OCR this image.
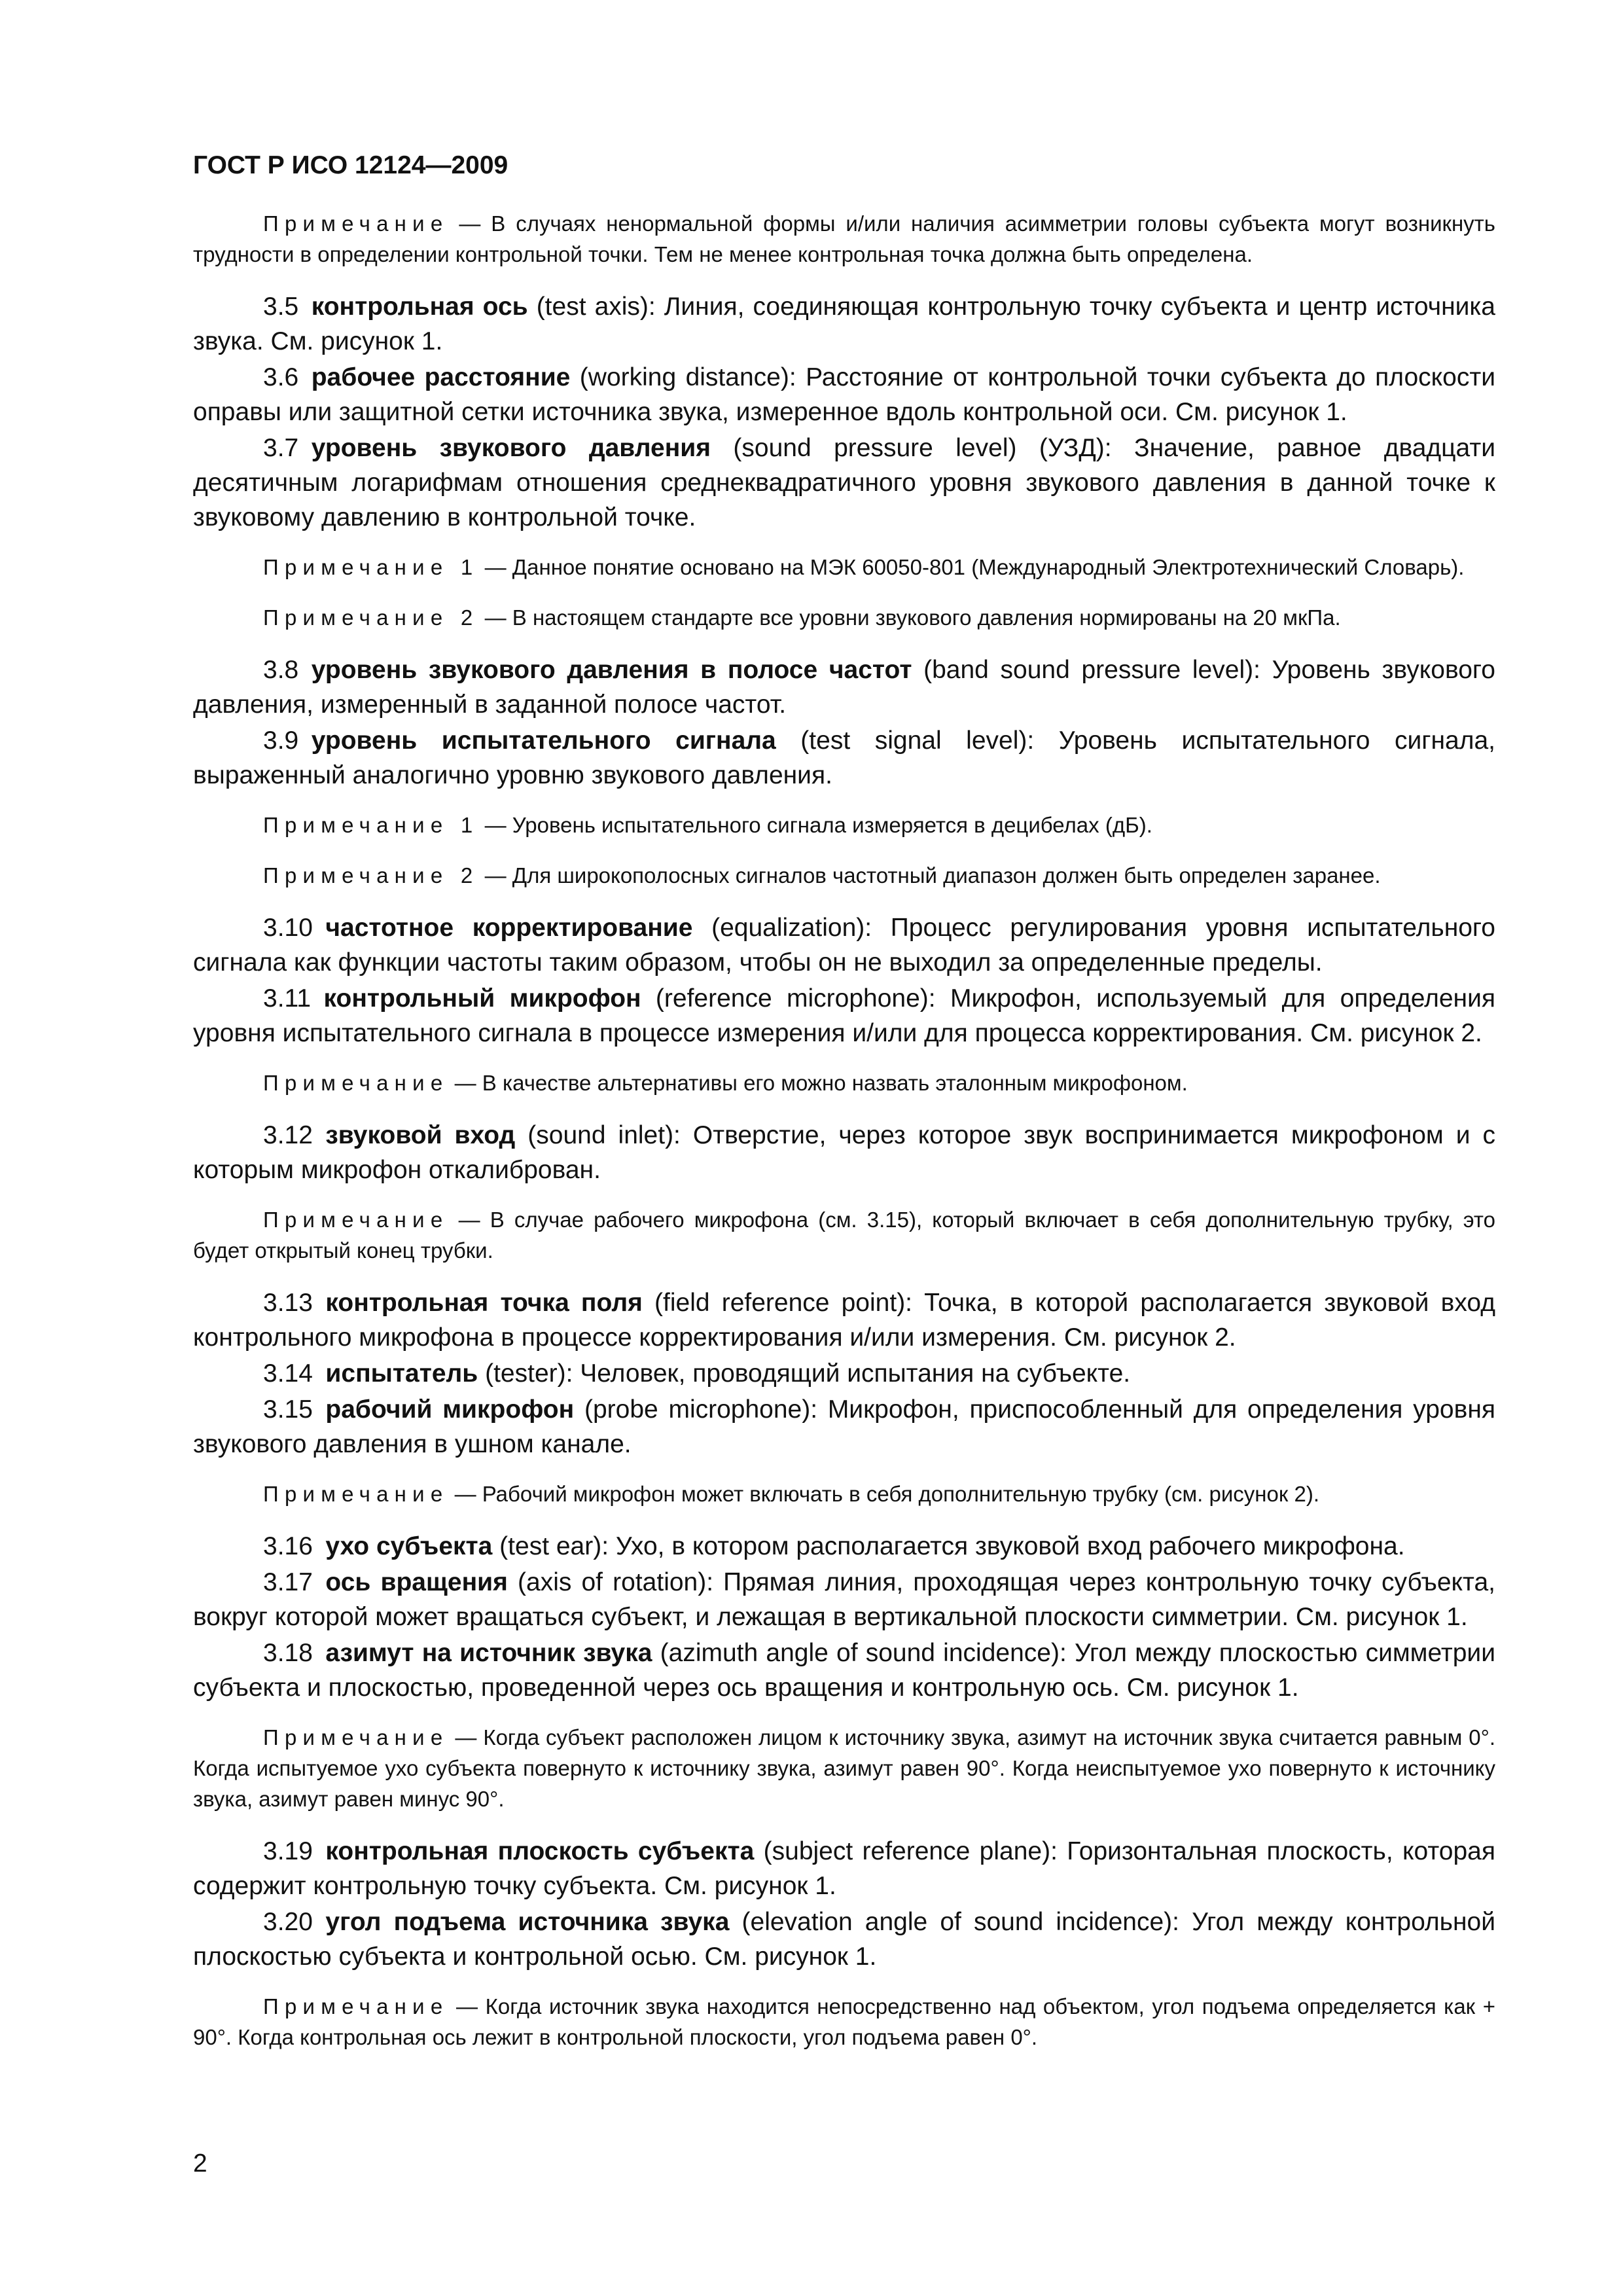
ГОСТ Р ИСО 12124—2009

Примечание — В случаях ненормальной формы и/или наличия асимметрии головы субъекта могут возникнуть трудности в определении контрольной точки. Тем не менее контрольная точка должна быть определена.

3.5  контрольная ось (test axis): Линия, соединяющая контрольную точку субъекта и центр источника звука. См. рисунок 1.

3.6  рабочее расстояние (working distance): Расстояние от контрольной точки субъекта до плоскости оправы или защитной сетки источника звука, измеренное вдоль контрольной оси. См. рисунок 1.

3.7  уровень звукового давления (sound pressure level) (УЗД): Значение, равное двадцати десятичным логарифмам отношения среднеквадратичного уровня звукового давления в данной точке к звуковому давлению в контрольной точке.

Примечание 1 — Данное понятие основано на МЭК 60050-801 (Международный Электротехнический Словарь).

Примечание 2 — В настоящем стандарте все уровни звукового давления нормированы на 20 мкПа.

3.8  уровень звукового давления в полосе частот (band sound pressure level): Уровень звукового давления, измеренный в заданной полосе частот.

3.9  уровень испытательного сигнала (test signal level): Уровень испытательного сигнала, выраженный аналогично уровню звукового давления.

Примечание 1 — Уровень испытательного сигнала измеряется в децибелах (дБ).

Примечание 2 — Для широкополосных сигналов частотный диапазон должен быть определен заранее.

3.10  частотное корректирование (equalization): Процесс регулирования уровня испытательного сигнала как функции частоты таким образом, чтобы он не выходил за определенные пределы.

3.11  контрольный микрофон (reference microphone): Микрофон, используемый для определения уровня испытательного сигнала в процессе измерения и/или для процесса корректирования. См. рисунок 2.

Примечание — В качестве альтернативы его можно назвать эталонным микрофоном.

3.12  звуковой вход (sound inlet): Отверстие, через которое звук воспринимается микрофоном и с которым микрофон откалиброван.

Примечание — В случае рабочего микрофона (см. 3.15), который включает в себя дополнительную трубку, это будет открытый конец трубки.

3.13  контрольная точка поля (field reference point): Точка, в которой располагается звуковой вход контрольного микрофона в процессе корректирования и/или измерения. См. рисунок 2.

3.14  испытатель (tester): Человек, проводящий испытания на субъекте.

3.15  рабочий микрофон (probe microphone): Микрофон, приспособленный для определения уровня звукового давления в ушном канале.

Примечание — Рабочий микрофон может включать в себя дополнительную трубку (см. рисунок 2).

3.16  ухо субъекта (test ear): Ухо, в котором располагается звуковой вход рабочего микрофона.

3.17  ось вращения (axis of rotation): Прямая линия, проходящая через контрольную точку субъекта, вокруг которой может вращаться субъект, и лежащая в вертикальной плоскости симметрии. См. рисунок 1.

3.18  азимут на источник звука (azimuth angle of sound incidence): Угол между плоскостью симметрии субъекта и плоскостью, проведенной через ось вращения и контрольную ось. См. рисунок 1.

Примечание — Когда субъект расположен лицом к источнику звука, азимут на источник звука считается равным 0°. Когда испытуемое ухо субъекта повернуто к источнику звука, азимут равен 90°. Когда неиспытуемое ухо повернуто к источнику звука, азимут равен минус 90°.

3.19  контрольная плоскость субъекта (subject reference plane): Горизонтальная плоскость, которая содержит контрольную точку субъекта. См. рисунок 1.

3.20  угол подъема источника звука (elevation angle of sound incidence): Угол между контрольной плоскостью субъекта и контрольной осью. См. рисунок 1.

Примечание — Когда источник звука находится непосредственно над объектом, угол подъема определяется как + 90°. Когда контрольная ось лежит в контрольной плоскости, угол подъема равен 0°.

2
